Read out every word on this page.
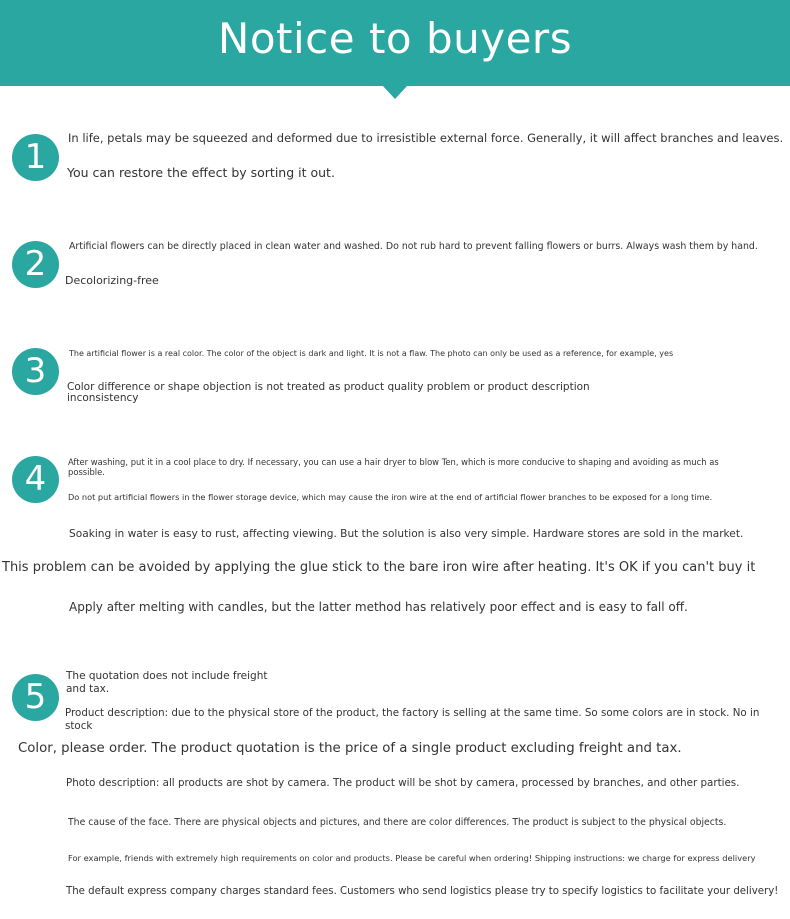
Notice to buyers
1	In life, petals may be squeezed and deformed due to irresistible external force. Generally, it will affect branches and leaves.
You can restore the effect by sorting it out.
2	Artificial flowers can be directly placed in clean water and washed. Do not rub hard to prevent falling flowers or burrs. Always wash them by hand.
Decolorizing-free
3	The artificial flower is a real color. The color of the object is dark and light. It is not a flaw. The photo can only be used as a reference, for example, yes
Color difference or shape objection is not treated as product quality problem or product description inconsistency
4	After washing, put it in a cool place to dry. If necessary, you can use a hair dryer to blow Ten, which is more conducive to shaping and avoiding as much as possible.
Do not put artificial flowers in the flower storage device, which may cause the iron wire at the end of artificial flower branches to be exposed for a long time.
Soaking in water is easy to rust, affecting viewing. But the solution is also very simple. Hardware stores are sold in the market.
This problem can be avoided by applying the glue stick to the bare iron wire after heating. It's OK if you can't buy it
Apply after melting with candles, but the latter method has relatively poor effect and is easy to fall off.
5
The quotation does not include freight and tax.
Product description: due to the physical store of the product, the factory is selling at the same time. So some colors are in stock. No in stock
Color, please order. The product quotation is the price of a single product excluding freight and tax.
Photo description: all products are shot by camera. The product will be shot by camera, processed by branches, and other parties.
The cause of the face. There are physical objects and pictures, and there are color differences. The product is subject to the physical objects.
For example, friends with extremely high requirements on color and products. Please be careful when ordering! Shipping instructions: we charge for express delivery
The default express company charges standard fees. Customers who send logistics please try to specify logistics to facilitate your delivery!
